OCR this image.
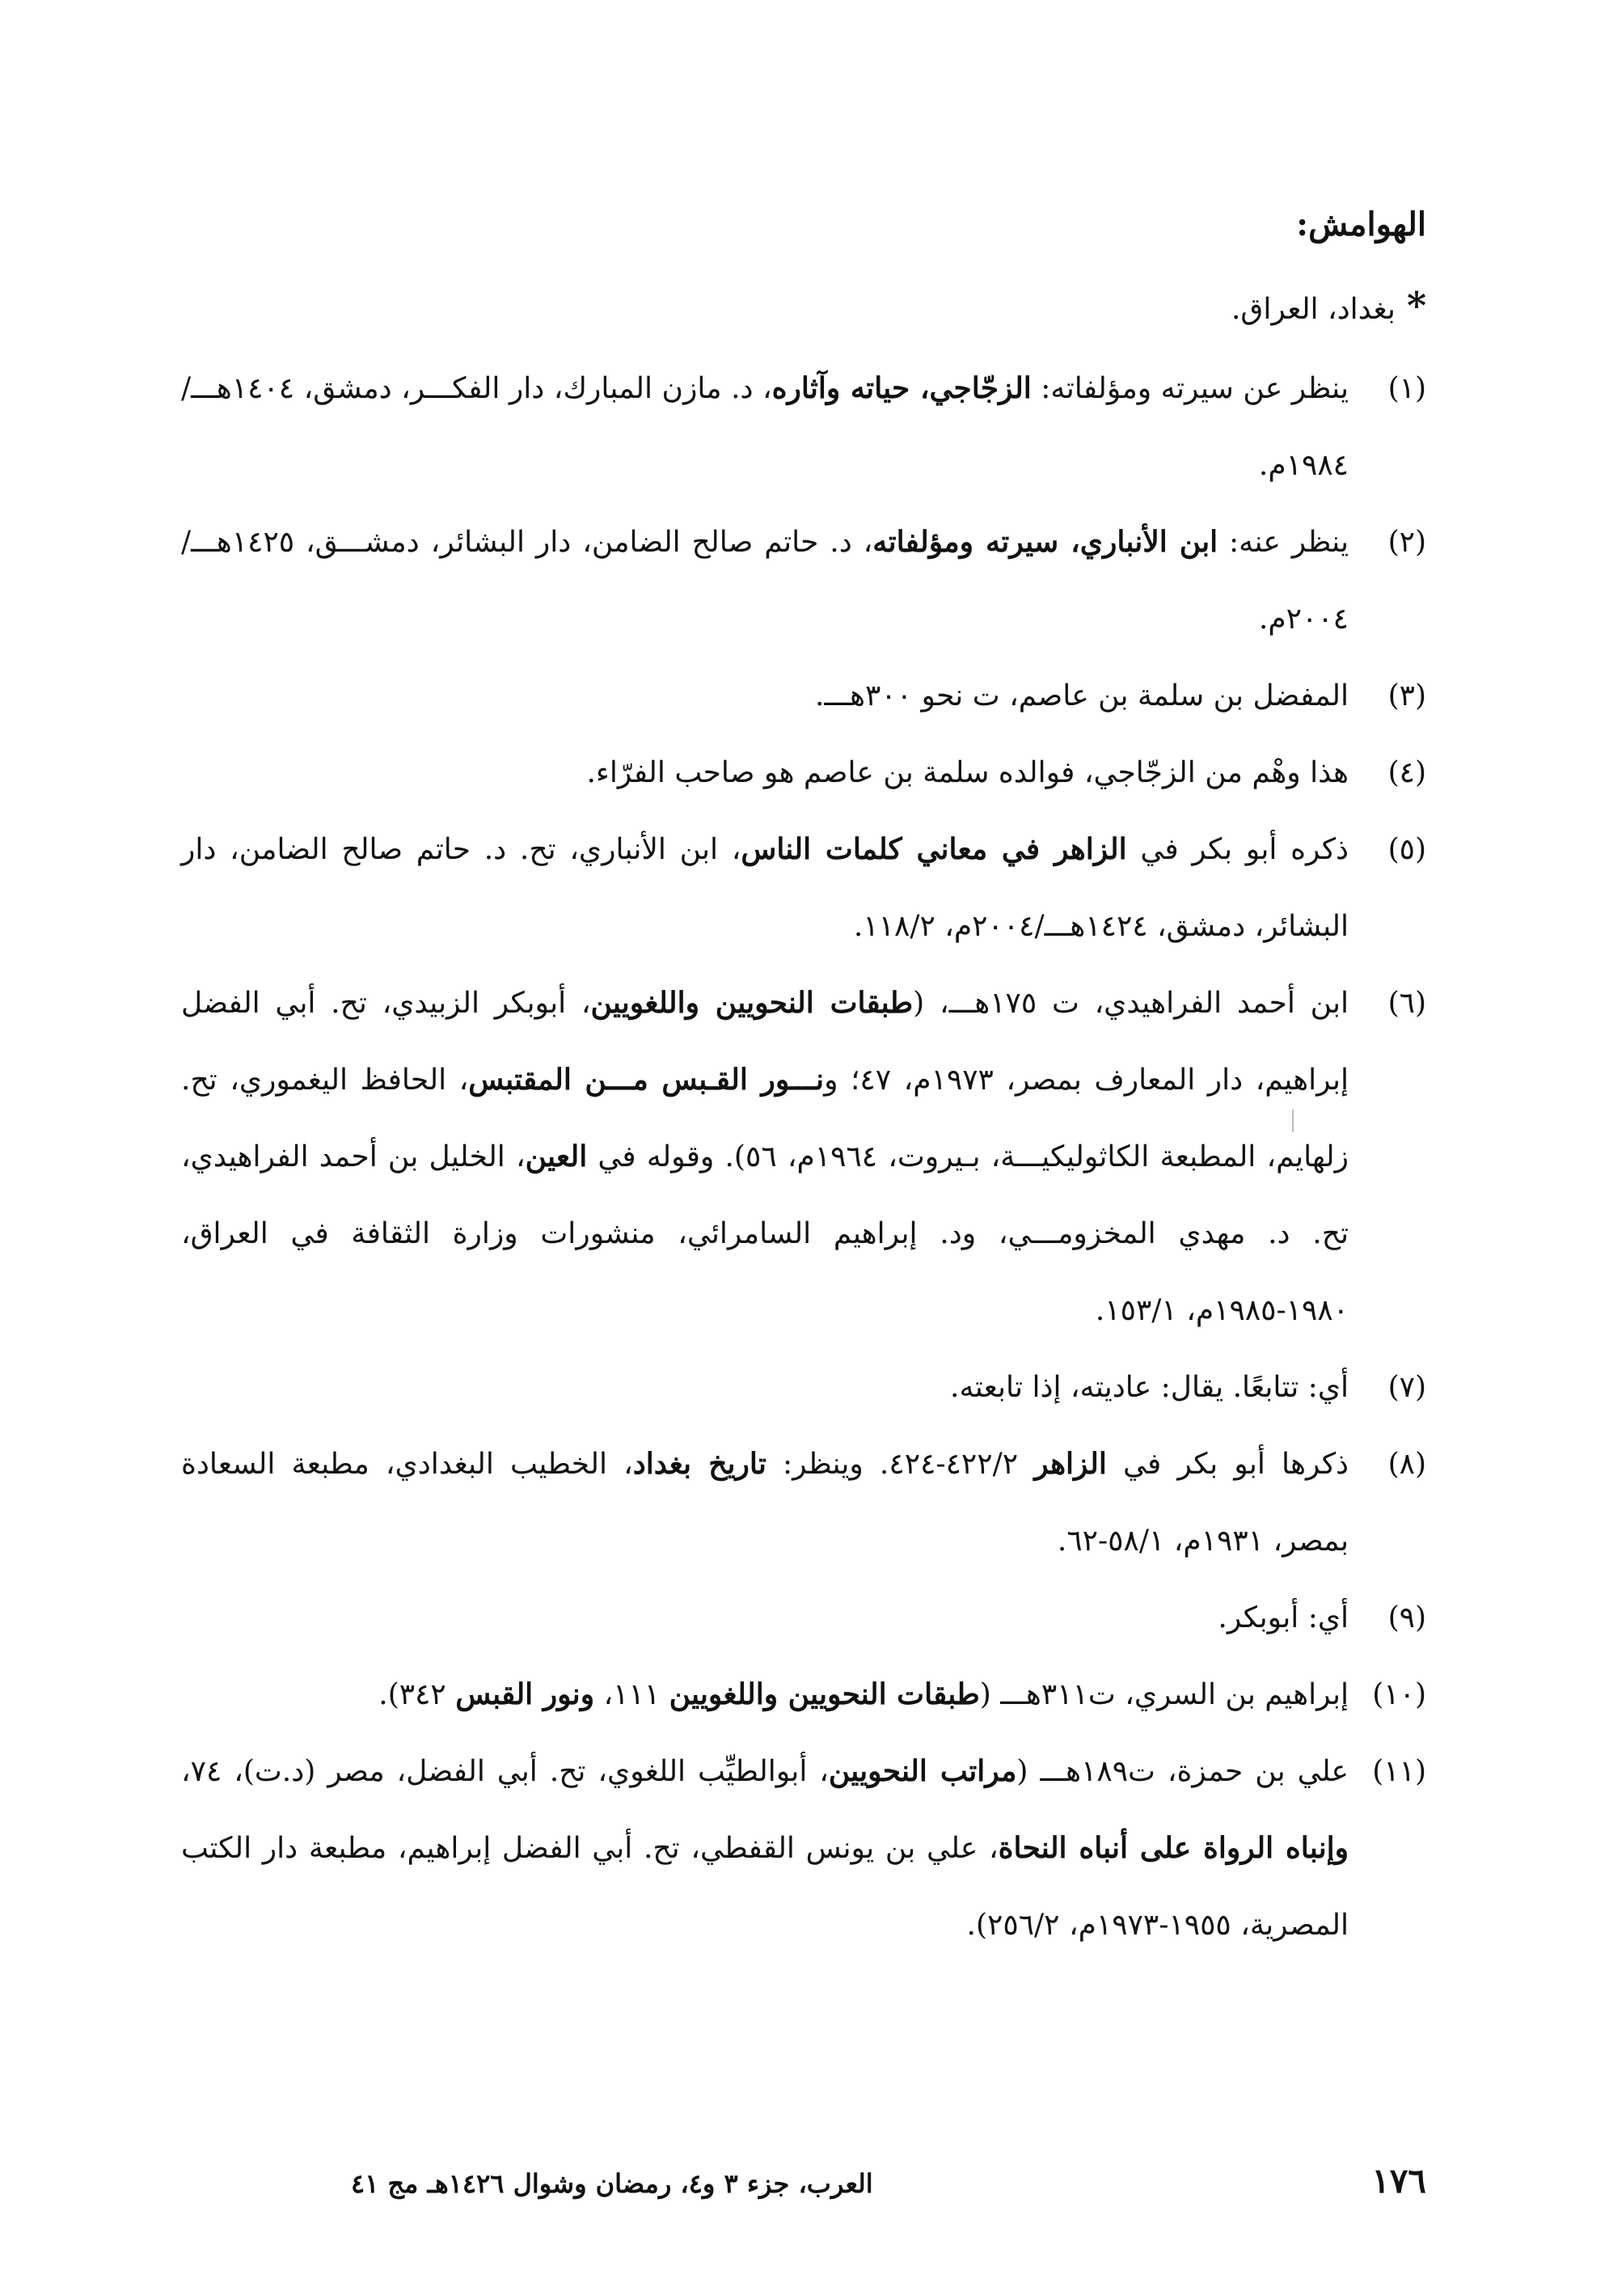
الهوامش:

*بغداد، العراق.

(١)
ينظر عن سيرته ومؤلفاته: الزجّاجي، حياته وآثاره، د. مازن المبارك، دار الفكـــر، دمشق، ١٤٠٤هـــ/١٩٨٤م.

(٢)
ينظر عنه: ابن الأنباري، سيرته ومؤلفاته، د. حاتم صالح الضامن، دار البشائر، دمشـــق، ١٤٢٥هـــ/٢٠٠٤م.

(٣)
المفضل بن سلمة بن عاصم، ت نحو ٣٠٠هـــ.

(٤)
هذا وهْم من الزجّاجي، فوالده سلمة بن عاصم هو صاحب الفرّاء.

(٥)
ذكره أبو بكر في الزاهر في معاني كلمات الناس، ابن الأنباري، تح. د. حاتم صالح الضامن، دار البشائر، دمشق، ١٤٢٤هـــ/٢٠٠٤م، ١١٨/٢.

(٦)
ابن أحمد الفراهيدي، ت ١٧٥هـــ، (طبقات النحويين واللغويين، أبوبكر الزبيدي، تح. أبي الفضل إبراهيم، دار المعارف بمصر، ١٩٧٣م، ٤٧؛ ونـــور القـبس مـــن المقتبس، الحافظ اليغموري، تح. زلهايم، المطبعة الكاثوليكيـــة، بـيروت، ١٩٦٤م، ٥٦). وقوله في العين، الخليل بن أحمد الفراهيدي، تح. د. مهدي المخزومـــي، ود. إبراهيم السامرائي، منشورات وزارة الثقافة في العراق، ١٩٨٠-١٩٨٥م، ١٥٣/١.

(٧)
أي: تتابعًا. يقال: عاديته، إذا تابعته.

(٨)
ذكرها أبو بكر في الزاهر ٤٢٢/٢-٤٢٤. وينظر: تاريخ بغداد، الخطيب البغدادي، مطبعة السعادة بمصر، ١٩٣١م، ٥٨/١-٦٢.

(٩)
أي: أبوبكر.

(١٠)
إبراهيم بن السري، ت٣١١هـــ (طبقات النحويين واللغويين ١١١، ونور القبس ٣٤٢).

(١١)
علي بن حمزة، ت١٨٩هـــ (مراتب النحويين، أبوالطيِّب اللغوي، تح. أبي الفضل، مصر (د.ت)، ٧٤، وإنباه الرواة على أنباه النحاة، علي بن يونس القفطي، تح. أبي الفضل إبراهيم، مطبعة دار الكتب المصرية، ١٩٥٥-١٩٧٣م، ٢٥٦/٢).

١٧٦
العرب، جزء ٣ و٤، رمضان وشوال ١٤٢٦هـ مج ٤١
